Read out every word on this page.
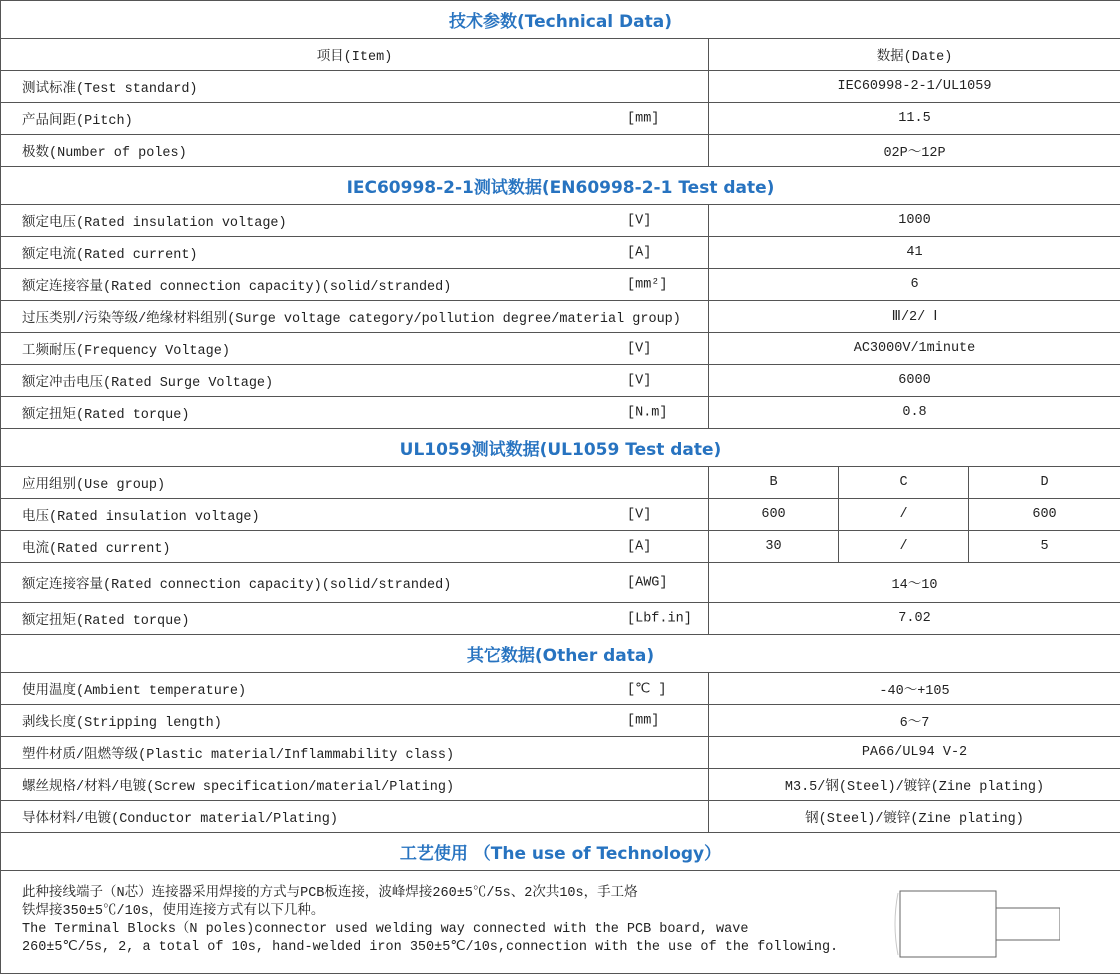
技术参数(Technical Data)			
项目(Item)	数据(Date)		
测试标准(Test standard)	IEC60998-2-1/UL1059		
产品间距(Pitch) [mm]	11.5		
极数(Number of poles)	02P～12P		
IEC60998-2-1测试数据(EN60998-2-1 Test date)			
额定电压(Rated insulation voltage) [V]	1000		
额定电流(Rated current) [A]	41		
额定连接容量(Rated connection capacity)(solid/stranded) [mm²]	6		
过压类别/污染等级/绝缘材料组别(Surge voltage category/pollution degree/material group)	Ⅲ/2/ Ⅰ		
工频耐压(Frequency Voltage) [V]	AC3000V/1minute		
额定冲击电压(Rated Surge Voltage) [V]	6000		
额定扭矩(Rated torque) [N.m]	0.8		
UL1059测试数据(UL1059 Test date)			
应用组别(Use group)	B	C	D
电压(Rated insulation voltage) [V]	600	/	600
电流(Rated current) [A]	30	/	5
额定连接容量(Rated connection capacity)(solid/stranded) [AWG]	14～10		
额定扭矩(Rated torque) [Lbf.in]	7.02		
其它数据(Other data)			
使用温度(Ambient temperature) [℃ ]	-40～+105		
剥线长度(Stripping length) [mm]	6～7		
塑件材质/阻燃等级(Plastic material/Inflammability class)	PA66/UL94 V-2		
螺丝规格/材料/电镀(Screw specification/material/Plating)	M3.5/钢(Steel)/镀锌(Zine plating)		
导体材料/电镀(Conductor material/Plating)	钢(Steel)/镀锌(Zine plating)		
工艺使用 （The use of Technology）			

此种接线端子（N芯）连接器采用焊接的方式与PCB板连接，波峰焊接260±5℃/5s、2次共10s，手工烙
铁焊接350±5℃/10s，使用连接方式有以下几种。
The Terminal Blocks（N poles)connector used welding way connected with the PCB board, wave
260±5℃/5s, 2, a total of 10s, hand-welded iron 350±5℃/10s,connection with the use of the following.			
